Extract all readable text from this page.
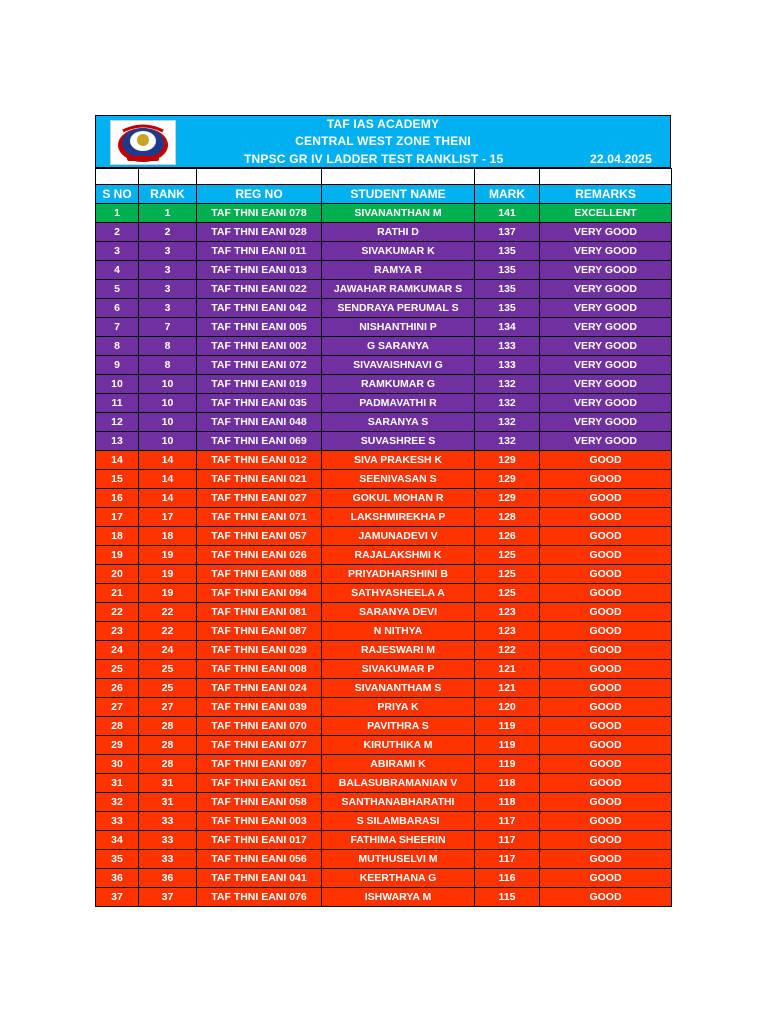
TAF IAS ACADEMY
CENTRAL WEST ZONE THENI
TNPSC GR IV LADDER TEST RANKLIST - 15	22.04.2025

S NO	RANK	REG NO	STUDENT NAME	MARK	REMARKS
1	1	TAF THNI EANI 078	SIVANANTHAN M	141	EXCELLENT
2	2	TAF THNI EANI 028	RATHI D	137	VERY GOOD
3	3	TAF THNI EANI 011	SIVAKUMAR K	135	VERY GOOD
4	3	TAF THNI EANI 013	RAMYA R	135	VERY GOOD
5	3	TAF THNI EANI 022	JAWAHAR RAMKUMAR S	135	VERY GOOD
6	3	TAF THNI EANI 042	SENDRAYA PERUMAL S	135	VERY GOOD
7	7	TAF THNI EANI 005	NISHANTHINI P	134	VERY GOOD
8	8	TAF THNI EANI 002	G SARANYA	133	VERY GOOD
9	8	TAF THNI EANI 072	SIVAVAISHNAVI G	133	VERY GOOD
10	10	TAF THNI EANI 019	RAMKUMAR G	132	VERY GOOD
11	10	TAF THNI EANI 035	PADMAVATHI R	132	VERY GOOD
12	10	TAF THNI EANI 048	SARANYA S	132	VERY GOOD
13	10	TAF THNI EANI 069	SUVASHREE S	132	VERY GOOD
14	14	TAF THNI EANI 012	SIVA PRAKESH K	129	GOOD
15	14	TAF THNI EANI 021	SEENIVASAN S	129	GOOD
16	14	TAF THNI EANI 027	GOKUL MOHAN R	129	GOOD
17	17	TAF THNI EANI 071	LAKSHMIREKHA P	128	GOOD
18	18	TAF THNI EANI 057	JAMUNADEVI V	126	GOOD
19	19	TAF THNI EANI 026	RAJALAKSHMI K	125	GOOD
20	19	TAF THNI EANI 088	PRIYADHARSHINI B	125	GOOD
21	19	TAF THNI EANI 094	SATHYASHEELA A	125	GOOD
22	22	TAF THNI EANI 081	SARANYA DEVI	123	GOOD
23	22	TAF THNI EANI 087	N NITHYA	123	GOOD
24	24	TAF THNI EANI 029	RAJESWARI M	122	GOOD
25	25	TAF THNI EANI 008	SIVAKUMAR P	121	GOOD
26	25	TAF THNI EANI 024	SIVANANTHAM S	121	GOOD
27	27	TAF THNI EANI 039	PRIYA K	120	GOOD
28	28	TAF THNI EANI 070	PAVITHRA S	119	GOOD
29	28	TAF THNI EANI 077	KIRUTHIKA M	119	GOOD
30	28	TAF THNI EANI 097	ABIRAMI K	119	GOOD
31	31	TAF THNI EANI 051	BALASUBRAMANIAN V	118	GOOD
32	31	TAF THNI EANI 058	SANTHANABHARATHI	118	GOOD
33	33	TAF THNI EANI 003	S SILAMBARASI	117	GOOD
34	33	TAF THNI EANI 017	FATHIMA SHEERIN	117	GOOD
35	33	TAF THNI EANI 056	MUTHUSELVI M	117	GOOD
36	36	TAF THNI EANI 041	KEERTHANA G	116	GOOD
37	37	TAF THNI EANI 076	ISHWARYA M	115	GOOD
